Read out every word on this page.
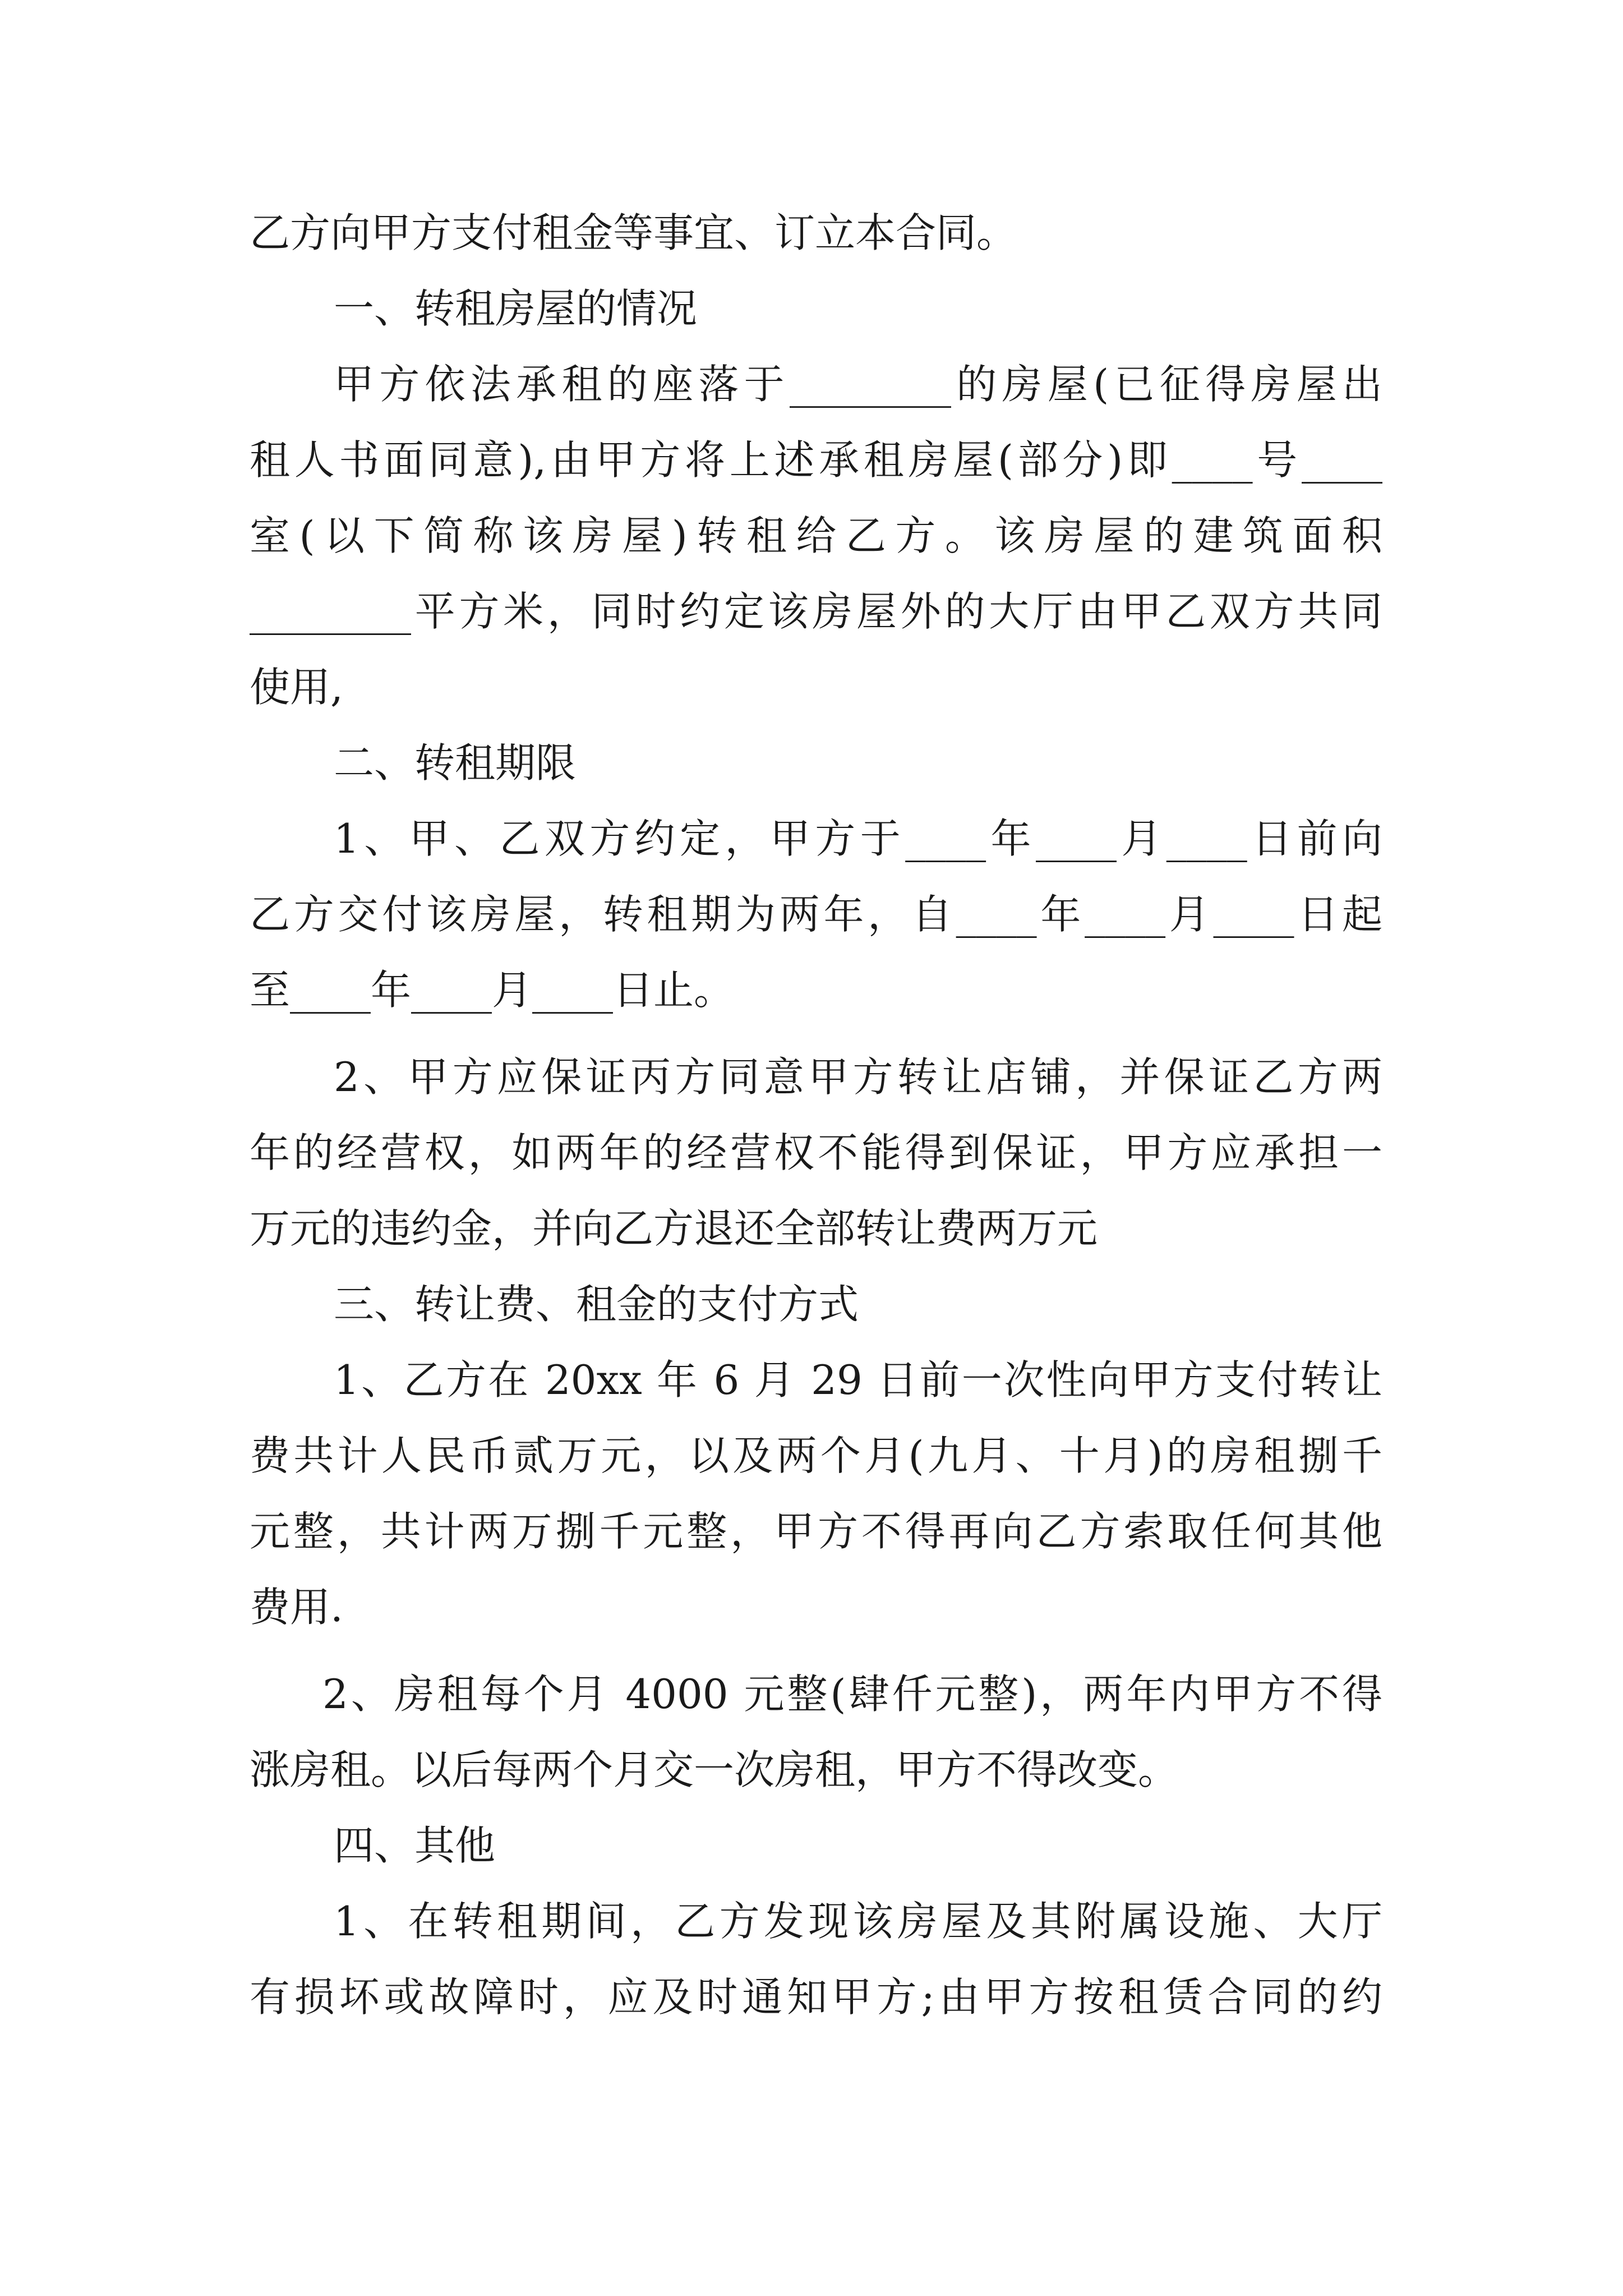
乙方向甲方支付租金等事宜、订立本合同。
一、转租房屋的情况
甲方依法承租的座落于________的房屋(已征得房屋出
租人书面同意),由甲方将上述承租房屋(部分)即____号____
室(以下简称该房屋)转租给乙方。该房屋的建筑面积
________平方米，同时约定该房屋外的大厅由甲乙双方共同
使用,
二、转租期限
1、甲、乙双方约定，甲方于____年____月____日前向
乙方交付该房屋，转租期为两年，自____年____月____日起
至____年____月____日止。
2、甲方应保证丙方同意甲方转让店铺，并保证乙方两
年的经营权，如两年的经营权不能得到保证，甲方应承担一
万元的违约金，并向乙方退还全部转让费两万元
三、转让费、租金的支付方式
1、乙方在 20xx 年 6 月 29 日前一次性向甲方支付转让
费共计人民币贰万元，以及两个月(九月、十月)的房租捌千
元整，共计两万捌千元整，甲方不得再向乙方索取任何其他
费用.
2、房租每个月 4000 元整(肆仟元整)，两年内甲方不得
涨房租。以后每两个月交一次房租，甲方不得改变。
四、其他
1、在转租期间，乙方发现该房屋及其附属设施、大厅
有损坏或故障时，应及时通知甲方;由甲方按租赁合同的约
